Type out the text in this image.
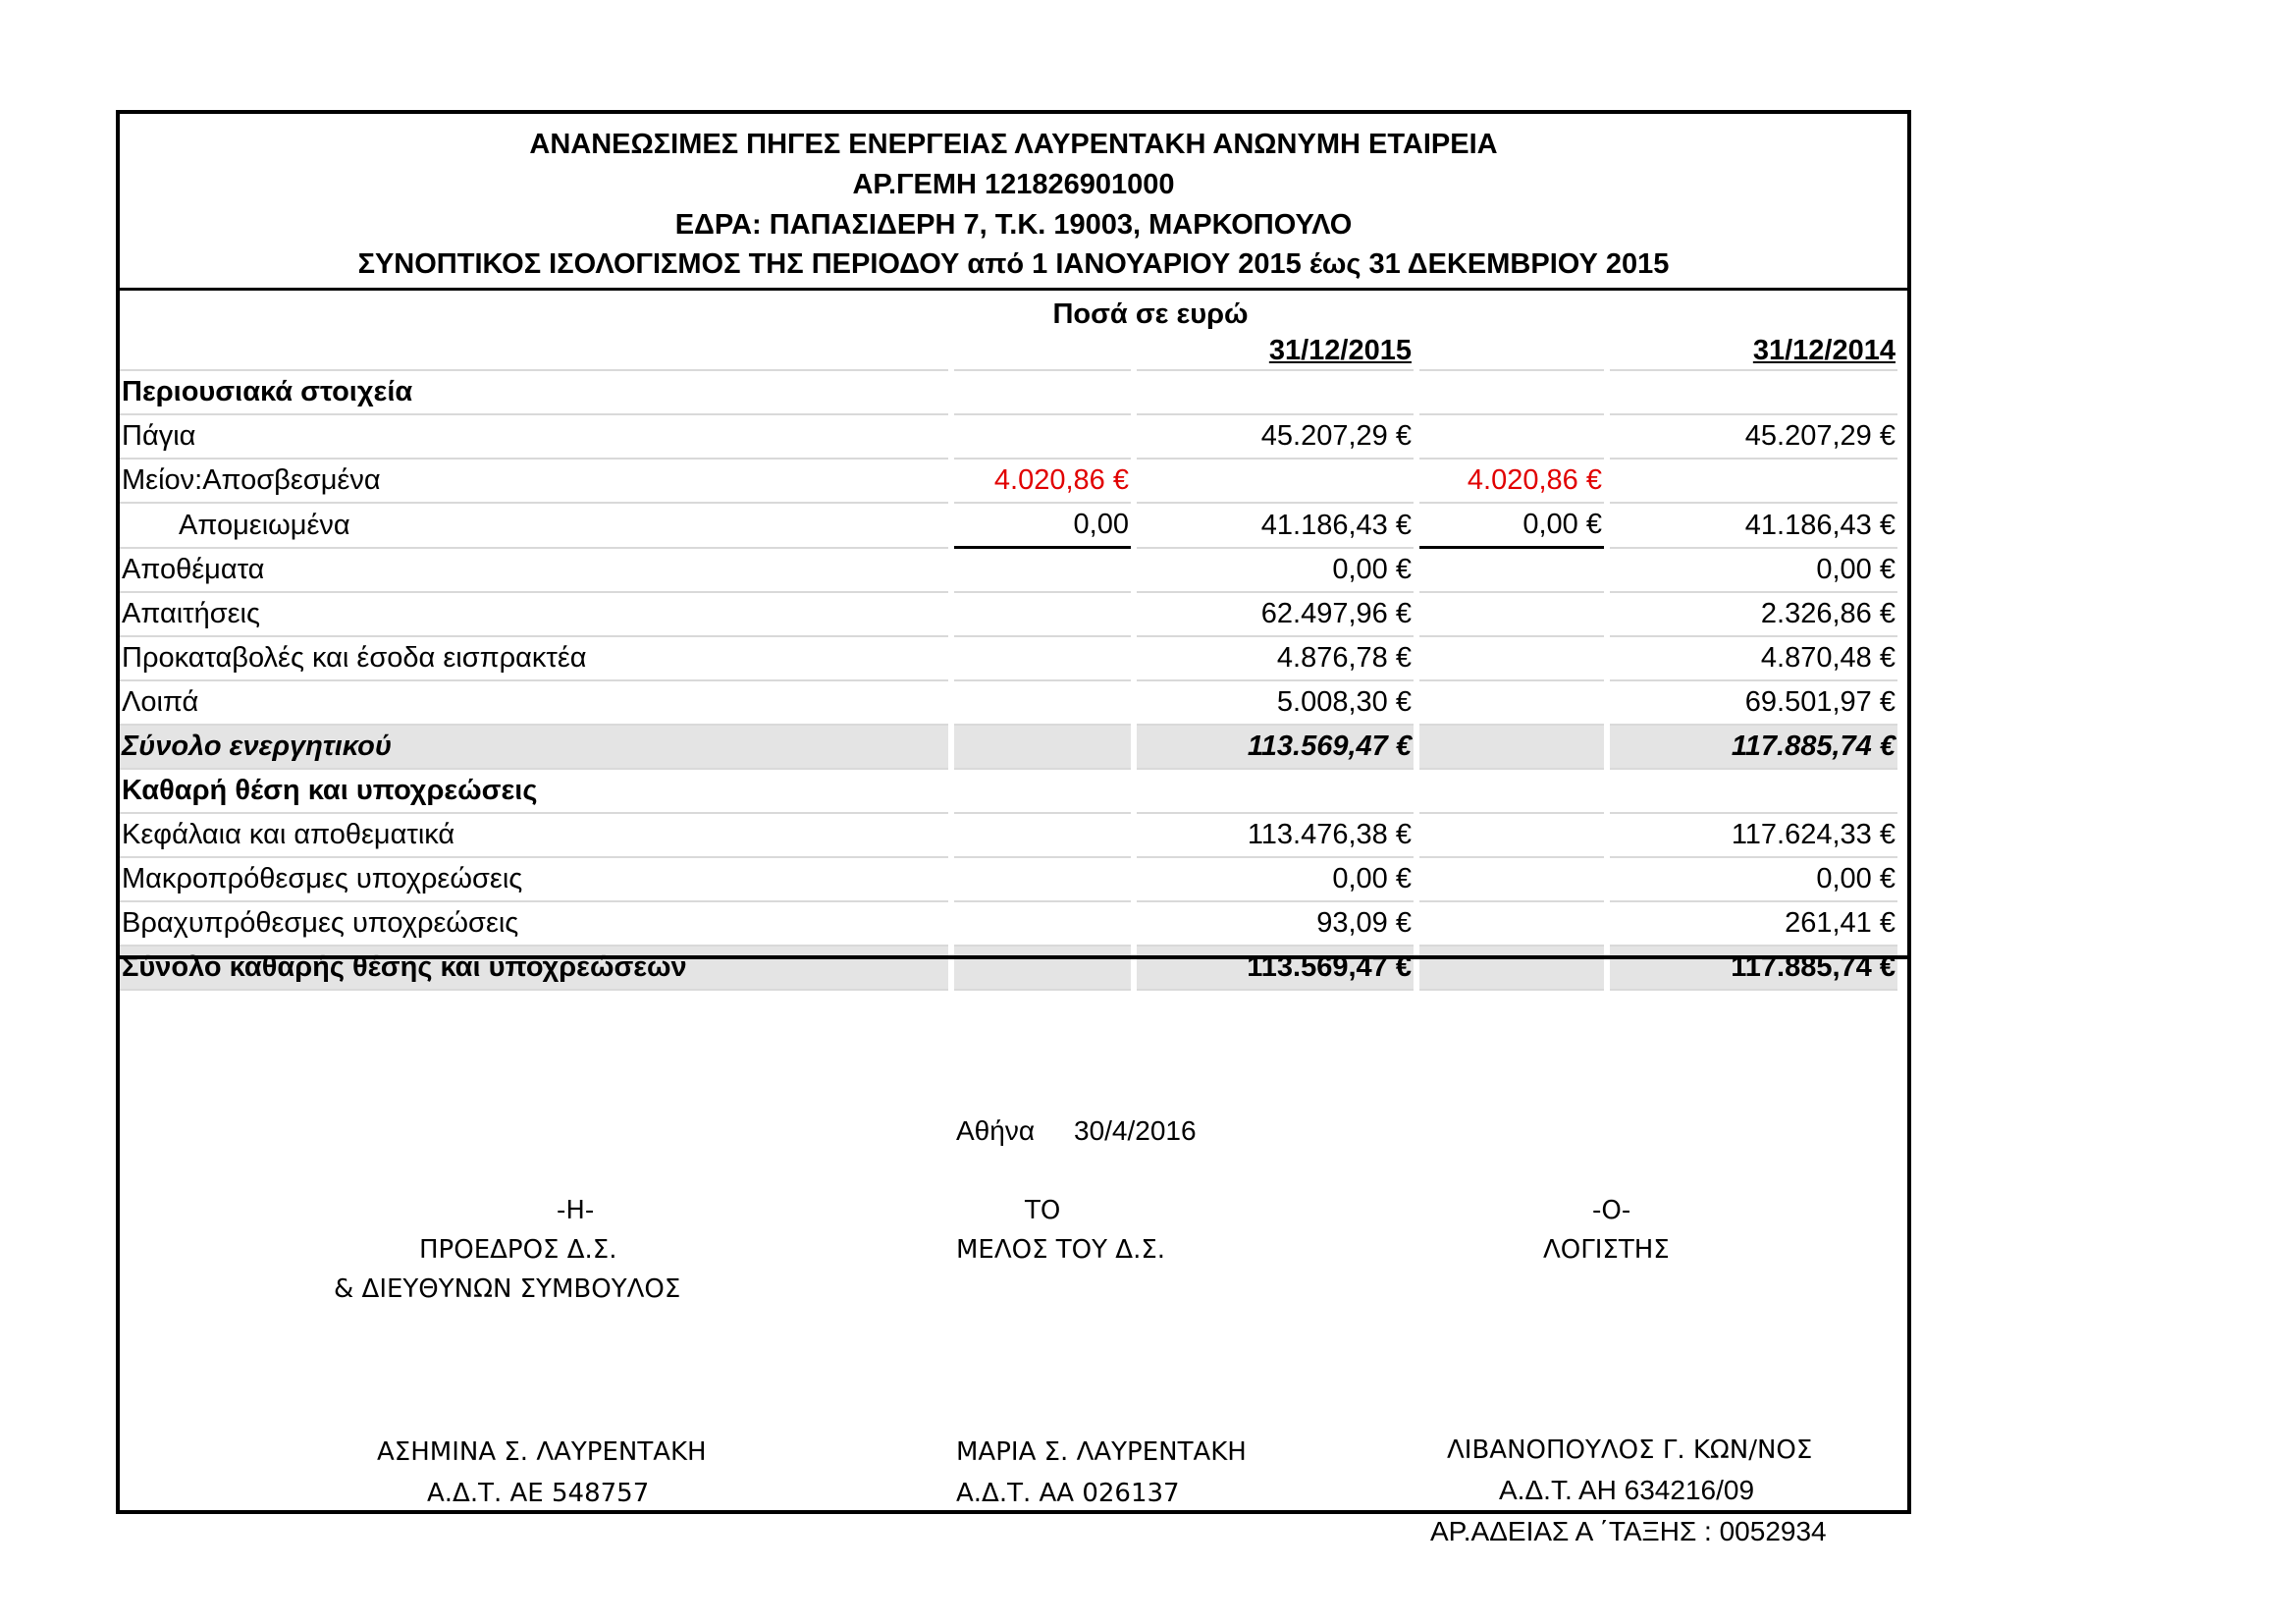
ΑΝΑΝΕΩΣΙΜΕΣ ΠΗΓΕΣ ΕΝΕΡΓΕΙΑΣ ΛΑΥΡΕΝΤΑΚΗ ΑΝΩΝΥΜΗ ΕΤΑΙΡΕΙΑ
ΑΡ.ΓΕΜΗ 121826901000
ΕΔΡΑ: ΠΑΠΑΣΙΔΕΡΗ 7, Τ.Κ. 19003, ΜΑΡΚΟΠΟΥΛΟ
ΣΥΝΟΠΤΙΚΟΣ ΙΣΟΛΟΓΙΣΜΟΣ ΤΗΣ ΠΕΡΙΟΔΟΥ από 1 ΙΑΝΟΥΑΡΙΟΥ 2015 έως 31 ΔΕΚΕΜΒΡΙΟΥ 2015
Ποσά σε ευρώ
		31/12/2015		31/12/2014
Περιουσιακά στοιχεία				
Πάγια		45.207,29 €		45.207,29 €
Μείον:Αποσβεσμένα	4.020,86 €		4.020,86 €	
Απομειωμένα	0,00	41.186,43 €	0,00 €	41.186,43 €
Αποθέματα		0,00 €		0,00 €
Απαιτήσεις		62.497,96 €		2.326,86 €
Προκαταβολές και έσοδα εισπρακτέα		4.876,78 €		4.870,48 €
Λοιπά		5.008,30 €		69.501,97 €
Σύνολο ενεργητικού		113.569,47 €		117.885,74 €
Καθαρή θέση και υποχρεώσεις				
Κεφάλαια και αποθεματικά		113.476,38 €		117.624,33 €
Μακροπρόθεσμες υποχρεώσεις		0,00 €		0,00 €
Βραχυπρόθεσμες υποχρεώσεις		93,09 €		261,41 €
Σύνολο καθαρής θέσης και υποχρεώσεων		113.569,47 €		117.885,74 €
Αθήνα 30/4/2016
-Η-
ΠΡΟΕΔΡΟΣ Δ.Σ.
& ΔΙΕΥΘΥΝΩΝ ΣΥΜΒΟΥΛΟΣ
ΑΣΗΜΙΝΑ Σ. ΛΑΥΡΕΝΤΑΚΗ
Α.Δ.Τ. ΑΕ 548757
ΤΟ
ΜΕΛΟΣ ΤΟΥ Δ.Σ.
ΜΑΡΙΑ Σ. ΛΑΥΡΕΝΤΑΚΗ
Α.Δ.Τ. ΑΑ 026137
-Ο-
ΛΟΓΙΣΤΗΣ
ΛΙΒΑΝΟΠΟΥΛΟΣ Γ. ΚΩΝ/ΝΟΣ
Α.Δ.Τ. ΑΗ 634216/09
ΑΡ.ΑΔΕΙΑΣ Α ΄ΤΑΞΗΣ : 0052934
